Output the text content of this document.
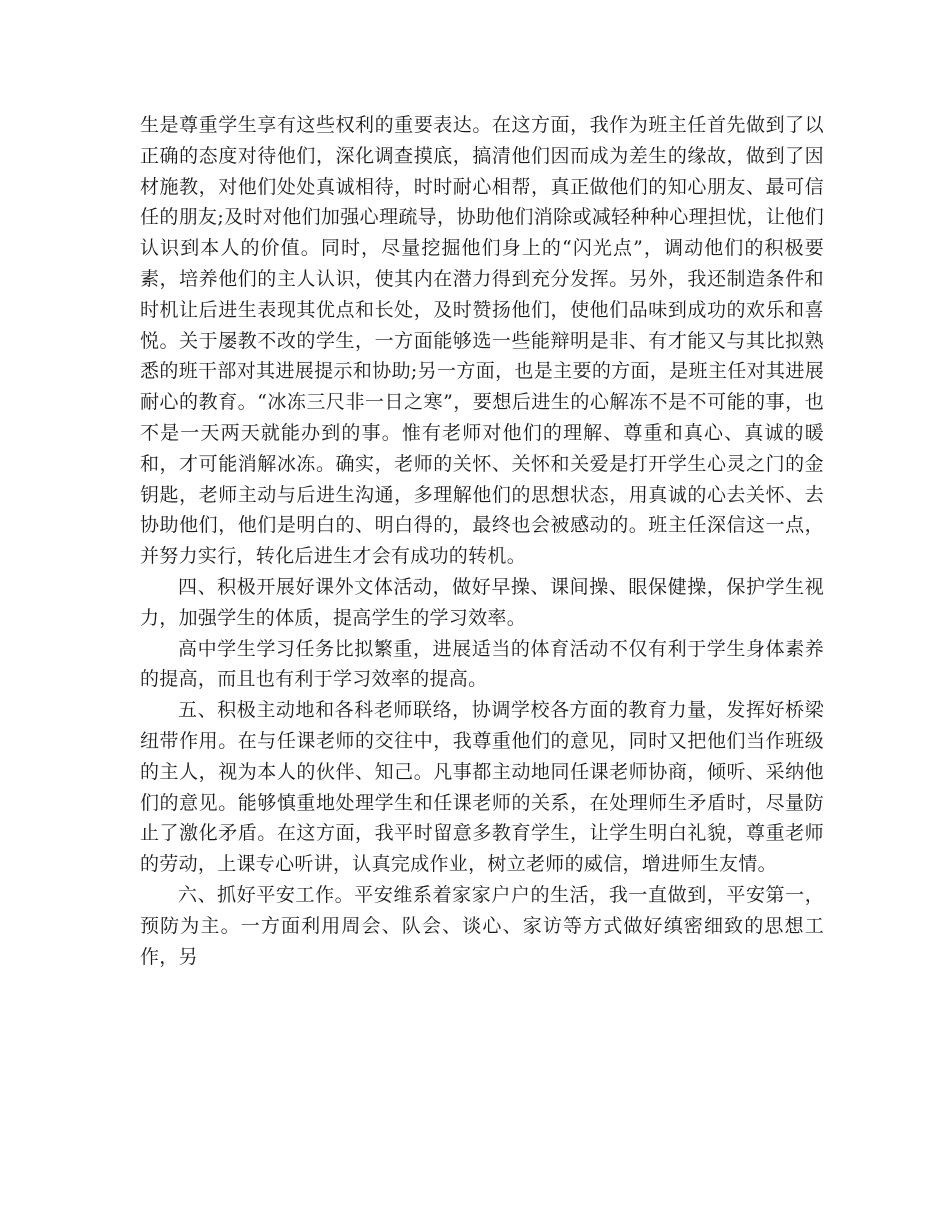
生是尊重学生享有这些权利的重要表达。在这方面，我作为班主任首先做到了以正确的态度对待他们，深化调查摸底，搞清他们因而成为差生的缘故，做到了因材施教，对他们处处真诚相待，时时耐心相帮，真正做他们的知心朋友、最可信任的朋友;及时对他们加强心理疏导，协助他们消除或减轻种种心理担忧，让他们认识到本人的价值。同时，尽量挖掘他们身上的“闪光点”，调动他们的积极要素，培养他们的主人认识，使其内在潜力得到充分发挥。另外，我还制造条件和时机让后进生表现其优点和长处，及时赞扬他们，使他们品味到成功的欢乐和喜悦。关于屡教不改的学生，一方面能够选一些能辩明是非、有才能又与其比拟熟悉的班干部对其进展提示和协助;另一方面，也是主要的方面，是班主任对其进展耐心的教育。“冰冻三尺非一日之寒”，要想后进生的心解冻不是不可能的事，也不是一天两天就能办到的事。惟有老师对他们的理解、尊重和真心、真诚的暖和，才可能消解冰冻。确实，老师的关怀、关怀和关爱是打开学生心灵之门的金钥匙，老师主动与后进生沟通，多理解他们的思想状态，用真诚的心去关怀、去协助他们，他们是明白的、明白得的，最终也会被感动的。班主任深信这一点，并努力实行，转化后进生才会有成功的转机。

四、积极开展好课外文体活动，做好早操、课间操、眼保健操，保护学生视力，加强学生的体质，提高学生的学习效率。

高中学生学习任务比拟繁重，进展适当的体育活动不仅有利于学生身体素养的提高，而且也有利于学习效率的提高。

五、积极主动地和各科老师联络，协调学校各方面的教育力量，发挥好桥梁纽带作用。在与任课老师的交往中，我尊重他们的意见，同时又把他们当作班级的主人，视为本人的伙伴、知己。凡事都主动地同任课老师协商，倾听、采纳他们的意见。能够慎重地处理学生和任课老师的关系，在处理师生矛盾时，尽量防止了激化矛盾。在这方面，我平时留意多教育学生，让学生明白礼貌，尊重老师的劳动，上课专心听讲，认真完成作业，树立老师的威信，增进师生友情。

六、抓好平安工作。平安维系着家家户户的生活，我一直做到，平安第一，预防为主。一方面利用周会、队会、谈心、家访等方式做好缜密细致的思想工作，另
